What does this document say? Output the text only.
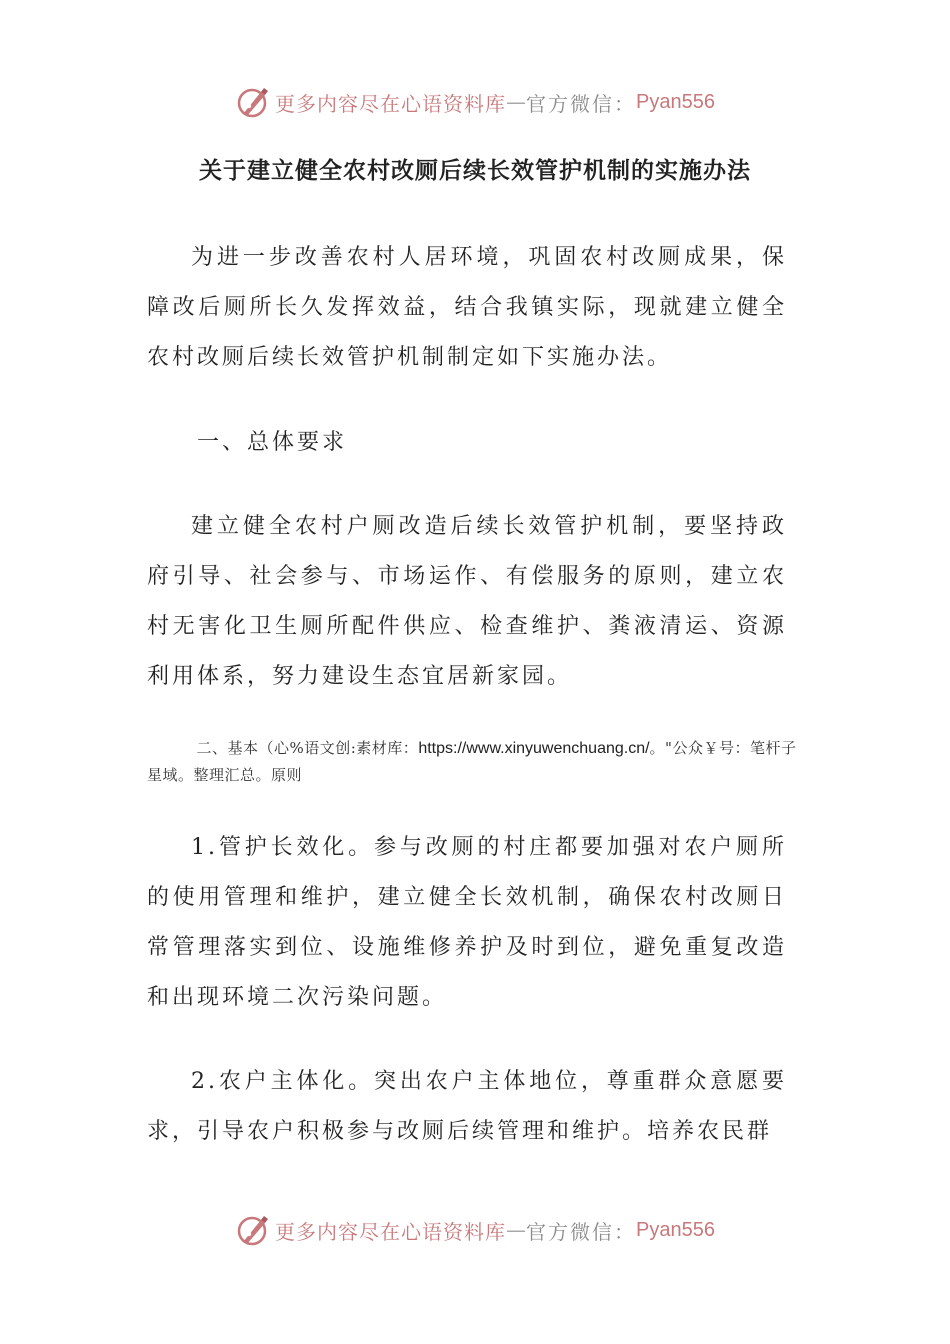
更多内容尽在心语资料库 — 官方微信： Pyan556
关于建立健全农村改厕后续长效管护机制的实施办法

为进一步改善农村人居环境，巩固农村改厕成果，保障改后厕所长久发挥效益，结合我镇实际，现就建立健全农村改厕后续长效管护机制制定如下实施办法。

一、总体要求

建立健全农村户厕改造后续长效管护机制，要坚持政府引导、社会参与、市场运作、有偿服务的原则，建立农村无害化卫生厕所配件供应、检查维护、粪液清运、资源利用体系，努力建设生态宜居新家园。

二、基本（心%语文创:素材库：https://www.xinyuwenchuang.cn/。"公众￥号：笔杆子星域。整理汇总。原则

1.管护长效化。参与改厕的村庄都要加强对农户厕所的使用管理和维护，建立健全长效机制，确保农村改厕日常管理落实到位、设施维修养护及时到位，避免重复改造和出现环境二次污染问题。

2.农户主体化。突出农户主体地位，尊重群众意愿要求，引导农户积极参与改厕后续管理和维护。培养农民群

更多内容尽在心语资料库 — 官方微信： Pyan556
